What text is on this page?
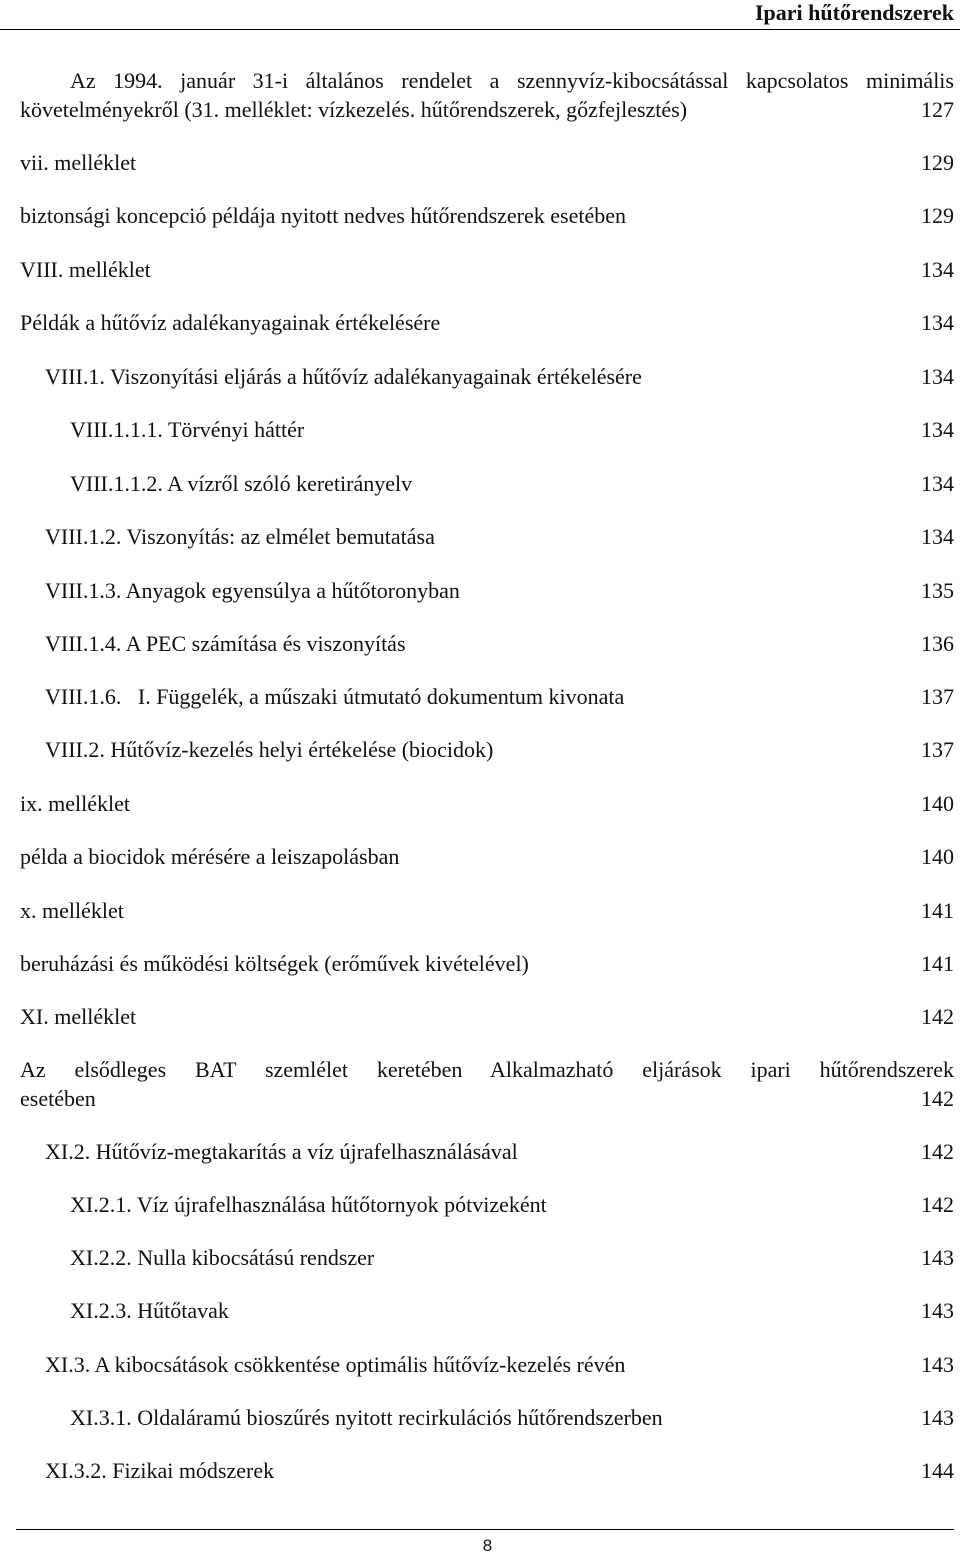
Ipari hűtőrendszerek
Az 1994. január 31-i általános rendelet a szennyvíz-kibocsátással kapcsolatos minimális
követelményekről (31. melléklet: vízkezelés. hűtőrendszerek, gőzfejlesztés)	127
vii. melléklet	129
biztonsági koncepció példája nyitott nedves hűtőrendszerek esetében	129
VIII. melléklet	134
Példák a hűtővíz adalékanyagainak értékelésére	134
VIII.1. Viszonyítási eljárás a hűtővíz adalékanyagainak értékelésére	134
VIII.1.1.1. Törvényi háttér	134
VIII.1.1.2. A vízről szóló keretirányelv	134
VIII.1.2. Viszonyítás: az elmélet bemutatása	134
VIII.1.3. Anyagok egyensúlya a hűtőtoronyban	135
VIII.1.4. A PEC számítása és viszonyítás	136
VIII.1.6.   I. Függelék, a műszaki útmutató dokumentum kivonata	137
VIII.2. Hűtővíz-kezelés helyi értékelése (biocidok)	137
ix. melléklet	140
példa a biocidok mérésére a leiszapolásban	140
x. melléklet	141
beruházási és működési költségek (erőművek kivételével)	141
XI. melléklet	142
Az elsődleges BAT szemlélet keretében Alkalmazható eljárások ipari hűtőrendszerek
esetében	142
XI.2. Hűtővíz-megtakarítás a víz újrafelhasználásával	142
XI.2.1. Víz újrafelhasználása hűtőtornyok pótvizeként	142
XI.2.2. Nulla kibocsátású rendszer	143
XI.2.3. Hűtőtavak	143
XI.3. A kibocsátások csökkentése optimális hűtővíz-kezelés révén	143
XI.3.1. Oldaláramú bioszűrés nyitott recirkulációs hűtőrendszerben	143
XI.3.2. Fizikai módszerek	144
8
